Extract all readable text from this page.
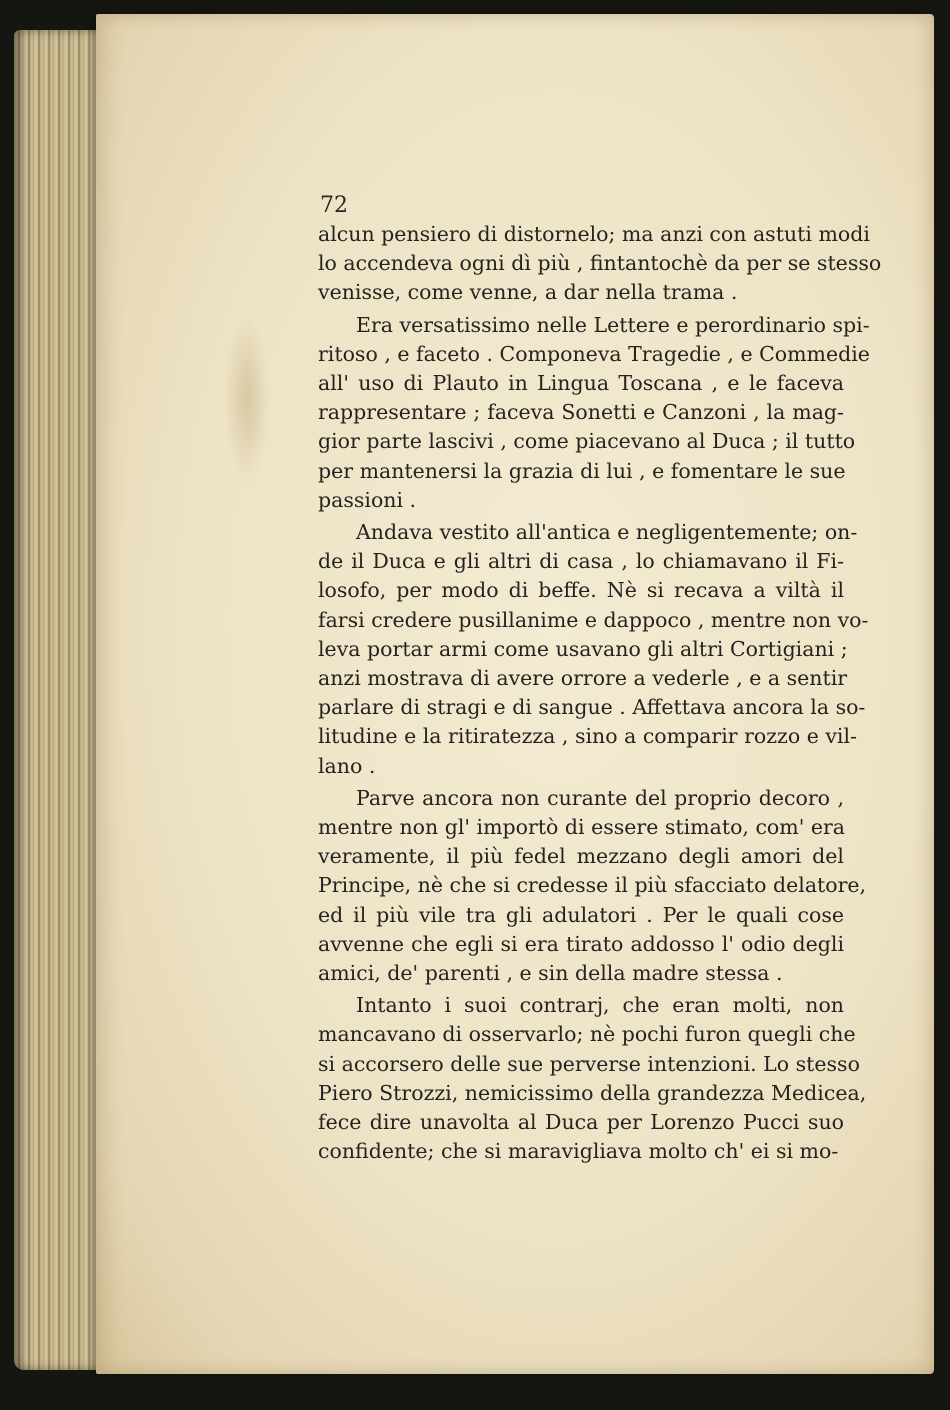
72
alcun pensiero di distornelo; ma anzi con astuti modi
lo accendeva ogni dì più , fintantochè da per se stesso
venisse, come venne, a dar nella trama .
Era versatissimo nelle Lettere e perordinario spi-
ritoso , e faceto . Componeva Tragedie , e Commedie
all' uso di Plauto in Lingua Toscana , e le faceva
rappresentare ; faceva Sonetti e Canzoni , la mag-
gior parte lascivi , come piacevano al Duca ; il tutto
per mantenersi la grazia di lui , e fomentare le sue
passioni .
Andava vestito all'antica e negligentemente; on-
de il Duca e gli altri di casa , lo chiamavano il Fi-
losofo, per modo di beffe. Nè si recava a viltà il
farsi credere pusillanime e dappoco , mentre non vo-
leva portar armi come usavano gli altri Cortigiani ;
anzi mostrava di avere orrore a vederle , e a sentir
parlare di stragi e di sangue . Affettava ancora la so-
litudine e la ritiratezza , sino a comparir rozzo e vil-
lano .
Parve ancora non curante del proprio decoro ,
mentre non gl' importò di essere stimato, com' era
veramente, il più fedel mezzano degli amori del
Principe, nè che si credesse il più sfacciato delatore,
ed il più vile tra gli adulatori . Per le quali cose
avvenne che egli si era tirato addosso l' odio degli
amici, de' parenti , e sin della madre stessa .
Intanto i suoi contrarj, che eran molti, non
mancavano di osservarlo; nè pochi furon quegli che
si accorsero delle sue perverse intenzioni. Lo stesso
Piero Strozzi, nemicissimo della grandezza Medicea,
fece dire unavolta al Duca per Lorenzo Pucci suo
confidente; che si maravigliava molto ch' ei si mo-
